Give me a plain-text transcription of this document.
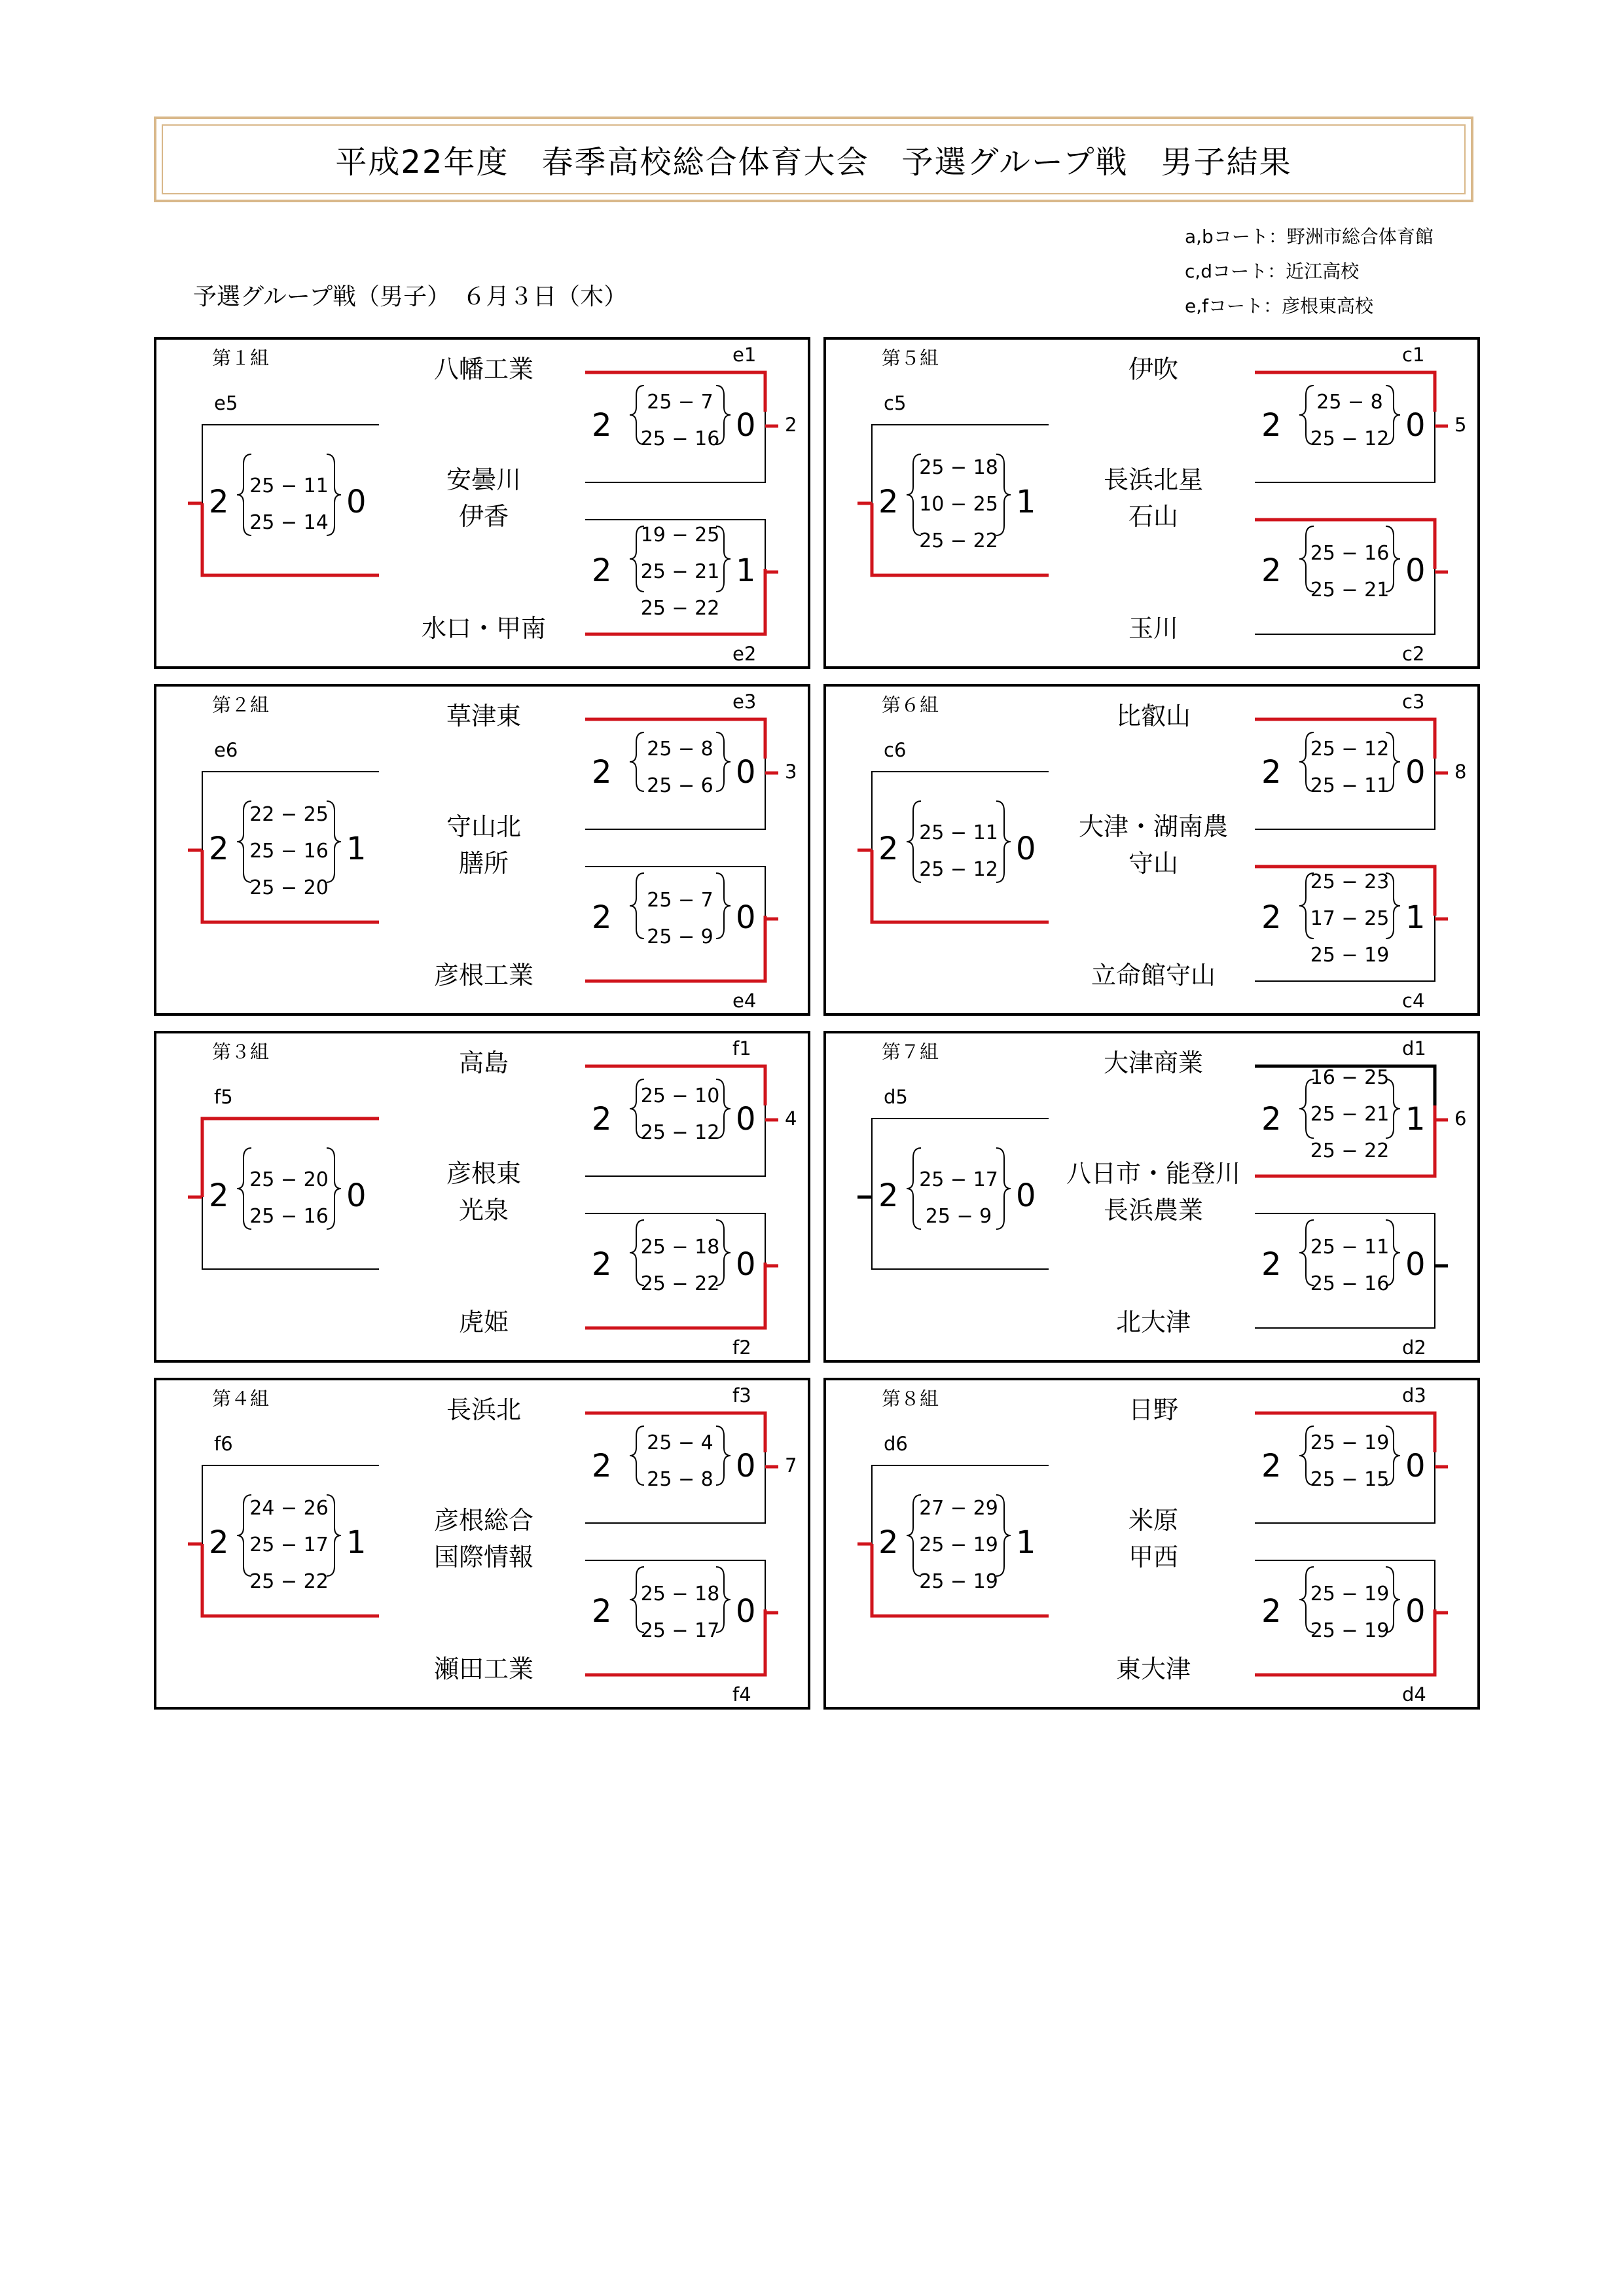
平成22年度　春季高校総合体育大会　予選グループ戦　男子結果
a,bコート：野洲市総合体育館
c,dコート：近江高校
e,fコート：彦根東高校
予選グループ戦（男子）　６月３日（木）
第１組	e1
e2
e5
2
八幡工業
安曇川
伊香
水口・甲南
2	0
25 − 7
25 − 16
2	1
19 − 25
25 − 21
25 − 22
2	0
25 − 11
25 − 14
第２組	e3
e4
e6
3
草津東
守山北
膳所
彦根工業
2	0
25 − 8
25 − 6
2	0
25 − 7
25 − 9
2	1
22 − 25
25 − 16
25 − 20
第３組	f1
f2
f5
4
高島
彦根東
光泉
虎姫
2	0
25 − 10
25 − 12
2	0
25 − 18
25 − 22
2	0
25 − 20
25 − 16
第４組	f3
f4
f6
7
長浜北
彦根総合
国際情報
瀬田工業
2	0
25 − 4
25 − 8
2	0
25 − 18
25 − 17
2	1
24 − 26
25 − 17
25 − 22
第５組	c1
c2
c5
5
伊吹
長浜北星
石山
玉川
2	0
25 − 8
25 − 12
2	0
25 − 16
25 − 21
2	1
25 − 18
10 − 25
25 − 22
第６組	c3
c4
c6
8
比叡山
大津・湖南農
守山
立命館守山
2	0
25 − 12
25 − 11
2	1
25 − 23
17 − 25
25 − 19
2	0
25 − 11
25 − 12
第７組	d1
d2
d5
6
大津商業
八日市・能登川
長浜農業
北大津
2	1
16 − 25
25 − 21
25 − 22
2	0
25 − 11
25 − 16
2	0
25 − 17
25 − 9
第８組	d3
d4
d6
日野
米原
甲西
東大津
2	0
25 − 19
25 − 15
2	0
25 − 19
25 − 19
2	1
27 − 29
25 − 19
25 − 19
